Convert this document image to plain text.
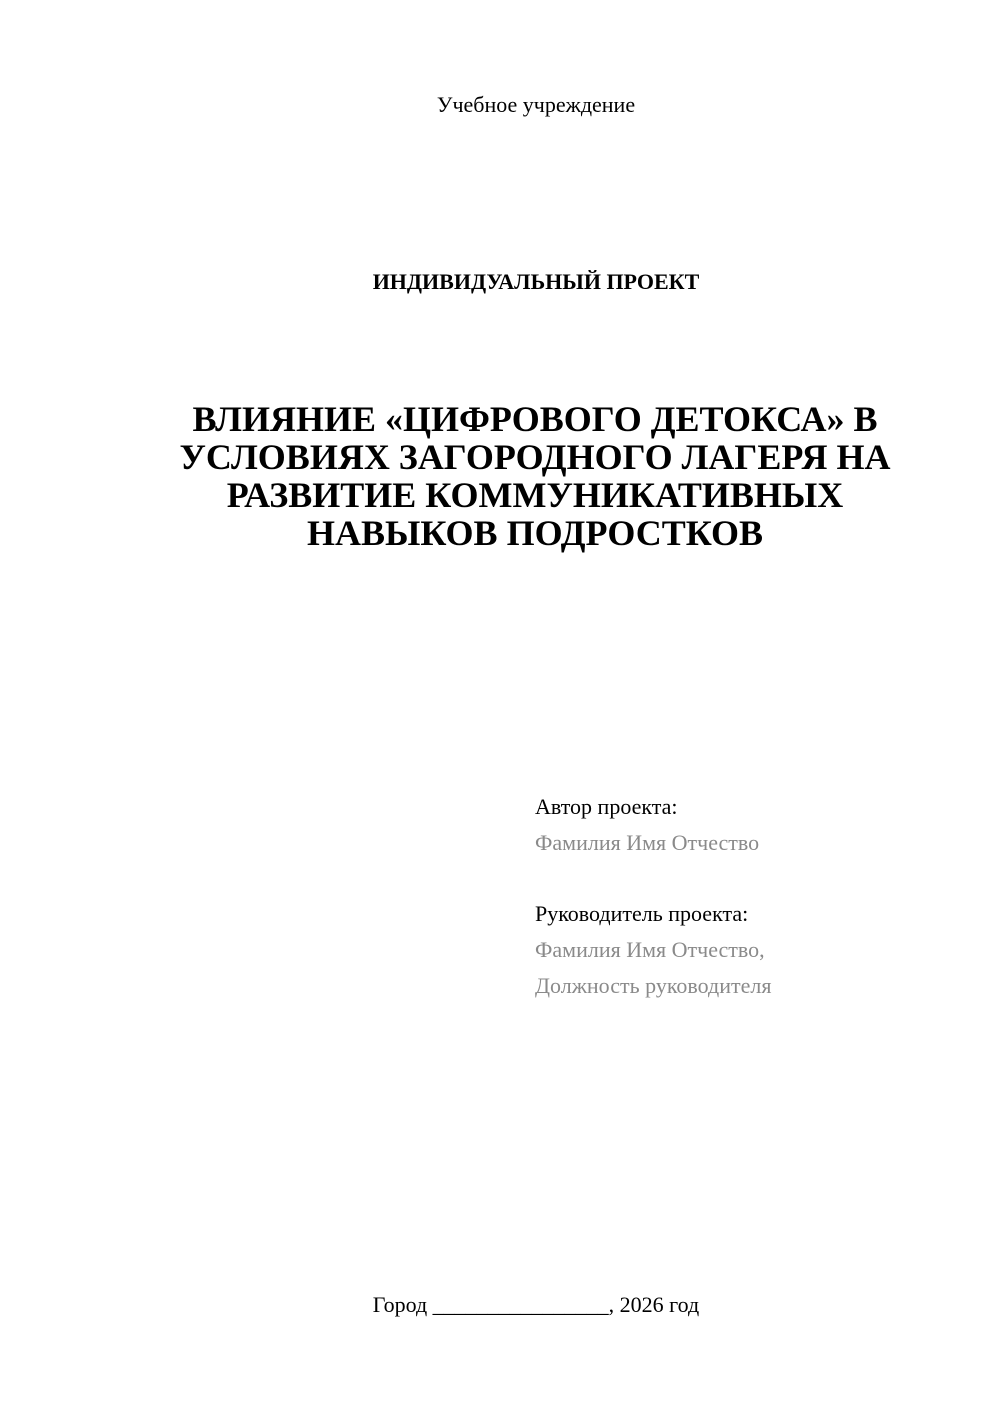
Учебное учреждение
ИНДИВИДУАЛЬНЫЙ ПРОЕКТ
ВЛИЯНИЕ «ЦИФРОВОГО ДЕТОКСА» В
УСЛОВИЯХ ЗАГОРОДНОГО ЛАГЕРЯ НА
РАЗВИТИЕ КОММУНИКАТИВНЫХ
НАВЫКОВ ПОДРОСТКОВ
Автор проекта:
Фамилия Имя Отчество
Руководитель проекта:
Фамилия Имя Отчество,
Должность руководителя
Город ________________, 2026 год
